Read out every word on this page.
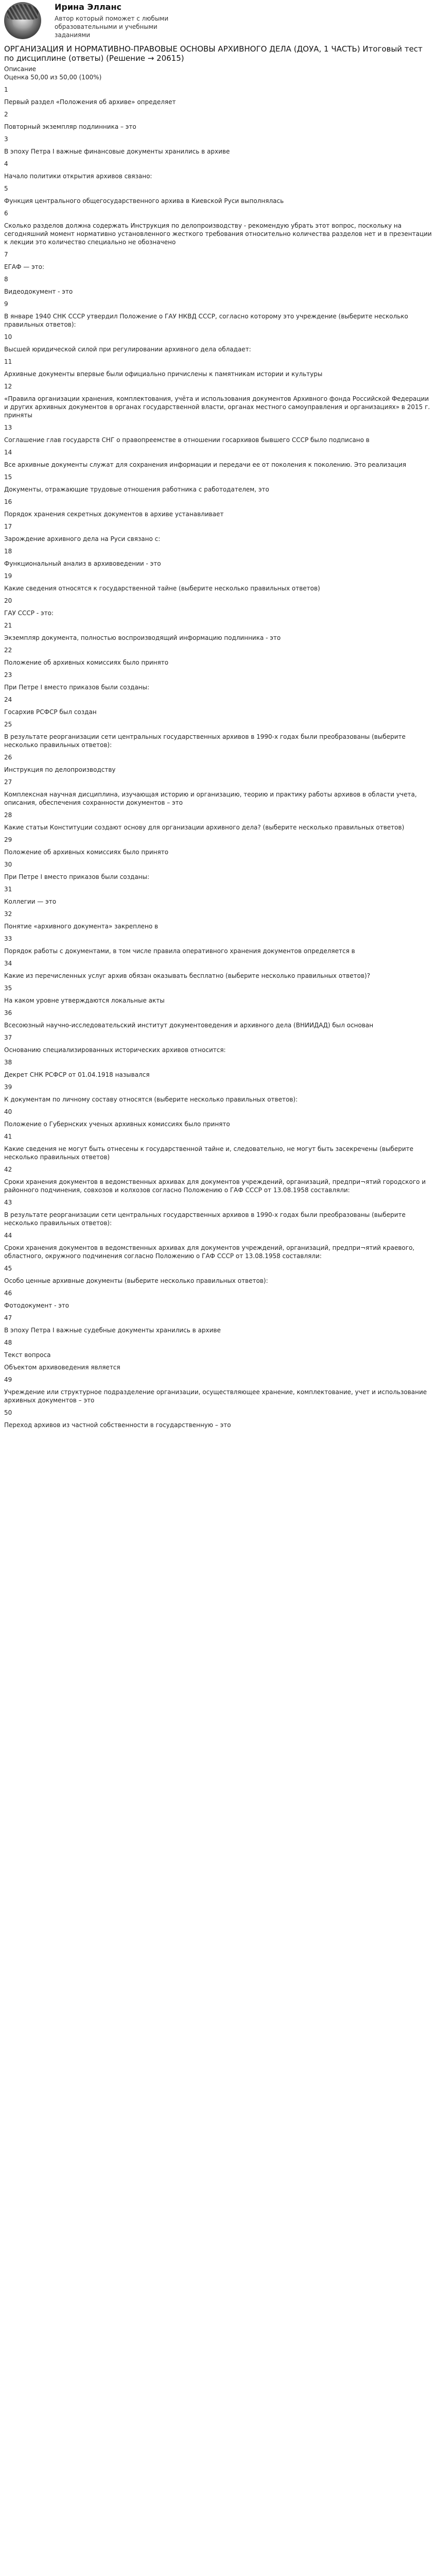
Ирина Элланс
Автор который поможет с любыми образовательными и учебными заданиями
ОРГАНИЗАЦИЯ И НОРМАТИВНО-ПРАВОВЫЕ ОСНОВЫ АРХИВНОГО ДЕЛА (ДОУА, 1 ЧАСТЬ) Итоговый тест по дисциплине (ответы) (Решение → 20615)
Описание
Оценка 50,00 из 50,00 (100%)
1
Первый раздел «Положения об архиве» определяет
2
Повторный экземпляр подлинника – это
3
В эпоху Петра I важные финансовые документы хранились в архиве
4
Начало политики открытия архивов связано:
5
Функция центрального общегосударственного архива в Киевской Руси выполнялась
6
Сколько разделов должна содержать Инструкция по делопроизводству - рекомендую убрать этот вопрос, поскольку на сегодняшний момент нормативно установленного жесткого требования относительно количества разделов нет и в презентации к лекции это количество специально не обозначено
7
ЕГАФ — это:
8
Видеодокумент - это
9
В январе 1940 СНК СССР утвердил Положение о ГАУ НКВД СССР, согласно которому это учреждение (выберите несколько правильных ответов):
10
Высшей юридической силой при регулировании архивного дела обладает:
11
Архивные документы впервые были официально причислены к памятникам истории и культуры
12
«Правила организации хранения, комплектования, учёта и использования документов Архивного фонда Российской Федерации и других архивных документов в органах государственной власти, органах местного самоуправления и организациях» в 2015 г. приняты
13
Соглашение глав государств СНГ о правопреемстве в отношении госархивов бывшего СССР было подписано в
14
Все архивные документы служат для сохранения информации и передачи ее от поколения к поколению. Это реализация
15
Документы, отражающие трудовые отношения работника с работодателем, это
16
Порядок хранения секретных документов в архиве устанавливает
17
Зарождение архивного дела на Руси связано с:
18
Функциональный анализ в архивоведении - это
19
Какие сведения относятся к государственной тайне (выберите несколько правильных ответов)
20
ГАУ СССР - это:
21
Экземпляр документа, полностью воспроизводящий информацию подлинника - это
22
Положение об архивных комиссиях было принято
23
При Петре I вместо приказов были созданы:
24
Госархив РСФСР был создан
25
В результате реорганизации сети центральных государственных архивов в 1990-х годах были преобразованы (выберите несколько правильных ответов):
26
Инструкция по делопроизводству
27
Комплексная научная дисциплина, изучающая историю и организацию, теорию и практику работы архивов в области учета, описания, обеспечения сохранности документов – это
28
Какие статьи Конституции создают основу для организации архивного дела? (выберите несколько правильных ответов)
29
Положение об архивных комиссиях было принято
30
При Петре I вместо приказов были созданы:
31
Коллегии — это
32
Понятие «архивного документа» закреплено в
33
Порядок работы с документами, в том числе правила оперативного хранения документов определяется в
34
Какие из перечисленных услуг архив обязан оказывать бесплатно (выберите несколько правильных ответов)?
35
На каком уровне утверждаются локальные акты
36
Всесоюзный научно-исследовательский институт документоведения и архивного дела (ВНИИДАД) был основан
37
Основанию специализированных исторических архивов относится:
38
Декрет СНК РСФСР от 01.04.1918 назывался
39
К документам по личному составу относятся (выберите несколько правильных ответов):
40
Положение о Губернских ученых архивных комиссиях было принято
41
Какие сведения не могут быть отнесены к государственной тайне и, следовательно, не могут быть засекречены (выберите несколько правильных ответов)
42
Сроки хранения документов в ведомственных архивах для документов учреждений, организаций, предпри¬ятий городского и районного подчинения, совхозов и колхозов согласно Положению о ГАФ СССР от 13.08.1958 составляли:
43
В результате реорганизации сети центральных государственных архивов в 1990-х годах были преобразованы (выберите несколько правильных ответов):
44
Сроки хранения документов в ведомственных архивах для документов учреждений, организаций, предпри¬ятий краевого, областного, окружного подчинения согласно Положению о ГАФ СССР от 13.08.1958 составляли:
45
Особо ценные архивные документы (выберите несколько правильных ответов):
46
Фотодокумент - это
47
В эпоху Петра I важные судебные документы хранились в архиве
48
Текст вопроса
Объектом архивоведения является
49
Учреждение или структурное подразделение организации, осуществляющее хранение, комплектование, учет и использование архивных документов – это
50
Переход архивов из частной собственности в государственную – это
